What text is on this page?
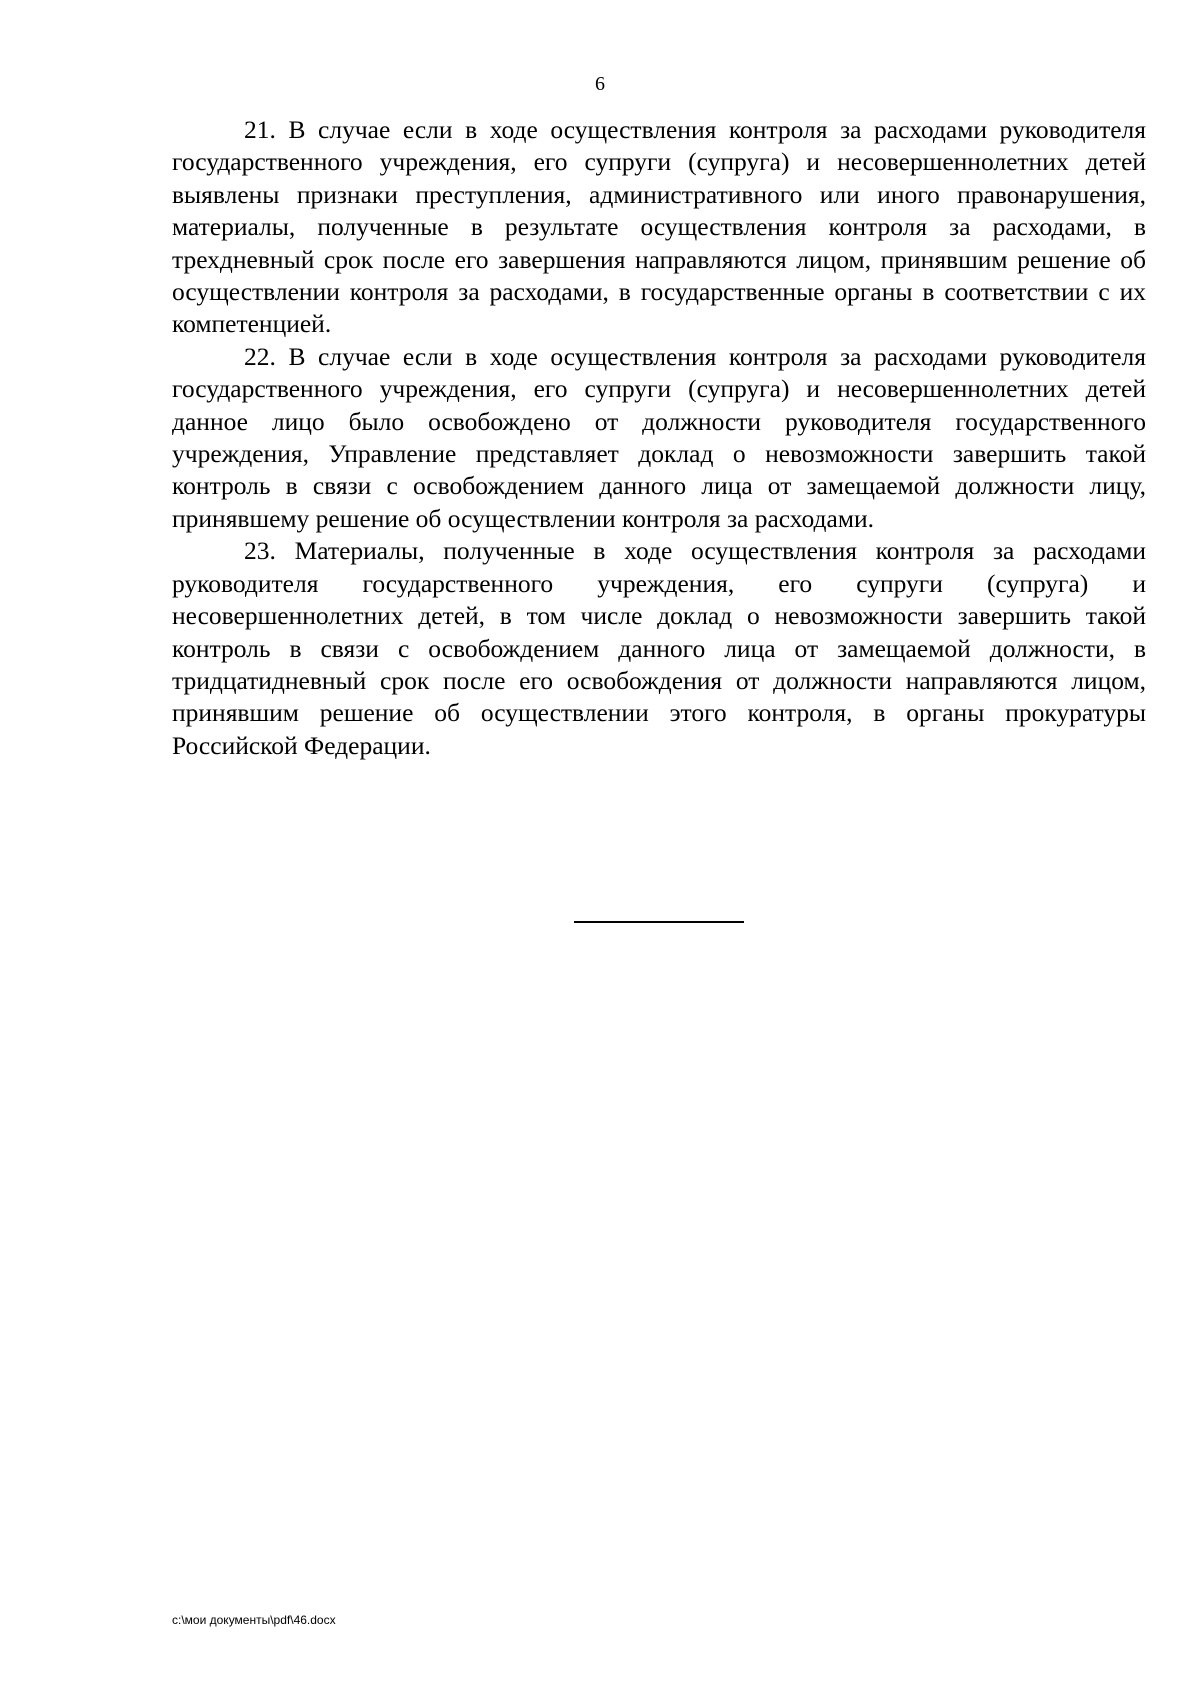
6

21. В случае если в ходе осуществления контроля за расходами руководителя государственного учреждения, его супруги (супруга) и несовершеннолетних детей выявлены признаки преступления, административного или иного правонарушения, материалы, полученные в результате осуществления контроля за расходами, в трехдневный срок после его завершения направляются лицом, принявшим решение об осуществлении контроля за расходами, в государственные органы в соответствии с их компетенцией.

22. В случае если в ходе осуществления контроля за расходами руководителя государственного учреждения, его супруги (супруга) и несовершеннолетних детей данное лицо было освобождено от должности руководителя государственного учреждения, Управление представляет доклад о невозможности завершить такой контроль в связи с освобождением данного лица от замещаемой должности лицу, принявшему решение об осуществлении контроля за расходами.

23. Материалы, полученные в ходе осуществления контроля за расходами руководителя государственного учреждения, его супруги (супруга) и несовершеннолетних детей, в том числе доклад о невозможности завершить такой контроль в связи с освобождением данного лица от замещаемой должности, в тридцатидневный срок после его освобождения от должности направляются лицом, принявшим решение об осуществлении этого контроля, в органы прокуратуры Российской Федерации.

c:\мои документы\pdf\46.docx
